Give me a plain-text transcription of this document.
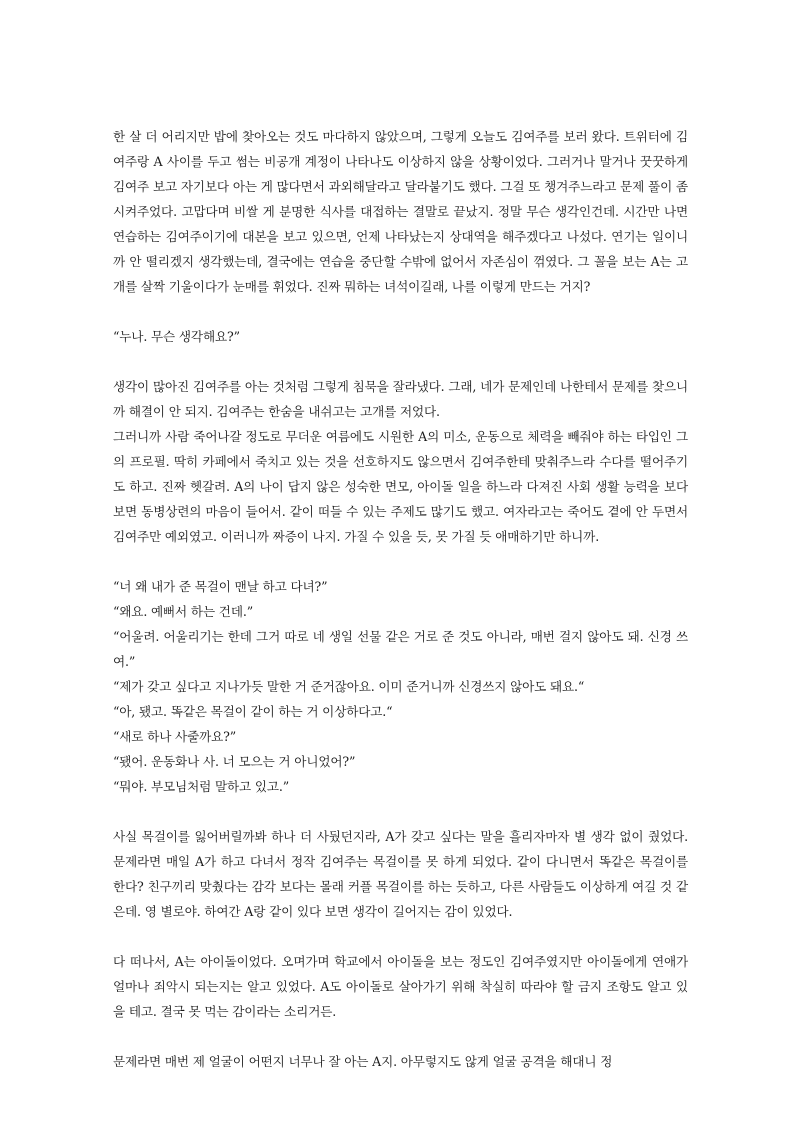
한 살 더 어리지만 밥에 찾아오는 것도 마다하지 않았으며, 그렇게 오늘도 김여주를 보러 왔다. 트위터에 김여주랑 A 사이를 두고 썸는 비공개 계정이 나타나도 이상하지 않을 상황이었다. 그러거나 말거나 꿋꿋하게 김여주 보고 자기보다 아는 게 많다면서 과외해달라고 달라붙기도 했다. 그걸 또 챙겨주느라고 문제 풀이 좀 시켜주었다. 고맙다며 비쌀 게 분명한 식사를 대접하는 결말로 끝났지. 정말 무슨 생각인건데. 시간만 나면 연습하는 김여주이기에 대본을 보고 있으면, 언제 나타났는지 상대역을 해주겠다고 나섰다. 연기는 일이니까 안 떨리겠지 생각했는데, 결국에는 연습을 중단할 수밖에 없어서 자존심이 꺾였다. 그 꼴을 보는 A는 고개를 살짝 기울이다가 눈매를 휘었다. 진짜 뭐하는 녀석이길래, 나를 이렇게 만드는 거지?

“누나. 무슨 생각해요?”

생각이 많아진 김여주를 아는 것처럼 그렇게 침묵을 잘라냈다. 그래, 네가 문제인데 나한테서 문제를 찾으니까 해결이 안 되지. 김여주는 한숨을 내쉬고는 고개를 저었다.

그러니까 사람 죽어나갈 정도로 무더운 여름에도 시원한 A의 미소, 운동으로 체력을 빼줘야 하는 타입인 그의 프로필. 딱히 카페에서 죽치고 있는 것을 선호하지도 않으면서 김여주한테 맞춰주느라 수다를 떨어주기도 하고. 진짜 헷갈려. A의 나이 답지 않은 성숙한 면모, 아이돌 일을 하느라 다져진 사회 생활 능력을 보다보면 동병상련의 마음이 들어서. 같이 떠들 수 있는 주제도 많기도 했고. 여자라고는 죽어도 곁에 안 두면서 김여주만 예외였고. 이러니까 짜증이 나지. 가질 수 있을 듯, 못 가질 듯 애매하기만 하니까.

“너 왜 내가 준 목걸이 맨날 하고 다녀?”
“왜요. 예뻐서 하는 건데.”
“어울려. 어울리기는 한데 그거 따로 네 생일 선물 같은 거로 준 것도 아니라, 매번 걸지 않아도 돼. 신경 쓰여.”
“제가 갖고 싶다고 지나가듯 말한 거 준거잖아요. 이미 준거니까 신경쓰지 않아도 돼요.“
“아, 됐고. 똑같은 목걸이 같이 하는 거 이상하다고.“
“새로 하나 사줄까요?”
“됐어. 운동화나 사. 너 모으는 거 아니었어?”
“뭐야. 부모님처럼 말하고 있고.”

사실 목걸이를 잃어버릴까봐 하나 더 사뒀던지라, A가 갖고 싶다는 말을 흘리자마자 별 생각 없이 줬었다. 문제라면 매일 A가 하고 다녀서 정작 김여주는 목걸이를 못 하게 되었다. 같이 다니면서 똑같은 목걸이를 한다? 친구끼리 맞췄다는 감각 보다는 몰래 커플 목걸이를 하는 듯하고, 다른 사람들도 이상하게 여길 것 같은데. 영 별로야. 하여간 A랑 같이 있다 보면 생각이 길어지는 감이 있었다.

다 떠나서, A는 아이돌이었다. 오며가며 학교에서 아이돌을 보는 정도인 김여주였지만 아이돌에게 연애가 얼마나 죄악시 되는지는 알고 있었다. A도 아이돌로 살아가기 위해 착실히 따라야 할 금지 조항도 알고 있을 테고. 결국 못 먹는 감이라는 소리거든.

문제라면 매번 제 얼굴이 어떤지 너무나 잘 아는 A지. 아무렇지도 않게 얼굴 공격을 해대니 정
